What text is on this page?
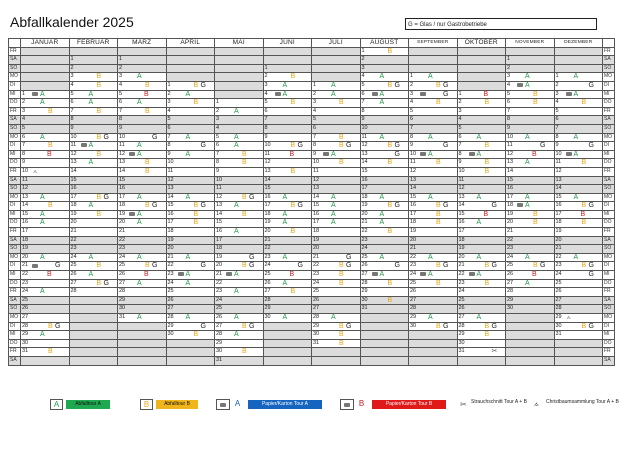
Abfallkalender 2025	G = Glas / nur Gastrobetriebe
	JANUAR	FEBRUAR	MÄRZ	APRIL	MAI	JUNI	JULI	AUGUST	SEPTEMBER	OKTOBER	NOVEMBER	DEZEMBER	
FR								1 B					FR
SA		1	1					2			1		SA
SO		2	2			1		3			2		SO
MO		3 B	3 A			2 B		4 A	1 A		3 A	1 A	MO
DI		4 B	4 B	1 B G		3 A	1 A	5 B G	2 B G		4 A	2 G	DI
MI	1 A	5 A	5 B	2 A		4 A	2 A	6 A	3 G	1 B	5 B	3 A	MI
DO	2 A	6 A	6 A	3 B	1	5 B	3 B	7 A	4 B	2 B	6 B	4 B	DO
FR	3 B	7 B	7 B	4	2 A	6	4	8	5	3	7	5	FR
SA	4	8	8	5	3	7	5	9	6	4	8	6	SA
SO	5	9	9	6	4	8	6	10	7	5	9	7	SO
MO	6 A	10 B G	10 G	7 A	5 A	9	7 B	11 A	8 A	6 A	10 A	8 A	MO
DI	7 B	11 A	11 A	8 G	6 A	10 B G	8 B G	12 B G	9 G	7 B	11 G	9 G	DI
MI	8 B	12 B	12 A	9 A	7 B	11 B	9 A	13 G	10 A	8 A	12 B	10 A	MI
DO	9	13 A	13 B	10	8 B	12	10 B	14 B	11 B	9 B	13 A	11 B	DO
FR	10 ⟑	14	14 B	11	9	13 B	11	15	12	10 B	14	12	FR
SA	11	15	15	12	10	14	12	16	13	11	15	13	SA
SO	12	16	16	13	11	15	13	17	14	12	16	14	SO
MO	13 A	17 B G	17 A	14 A	12 B G	16 A	14 A	18 A	15 A	13 A	17 A	15 A	MO
DI	14 B	18 A	18 B G	15 B G	13 A	17 B G	15 A	19 B G	16 B G	14 G	18 A	16 B G	DI
MI	15 A	19 B	19 A	16 B	14 B	18 A	16 A	20 A	17 B	15 B	19 B	17 B	MI
DO	16 A	20	20 A	17 B	15	19 A	17 A	21 A	18 B	16 A	20 B	18 B	DO
FR	17	21	21	18	16 A	20 B	18	22 B	19	17	21	19	FR
SA	18	22	22	19	17	21	19	23	20	18	22	20	SA
SO	19	23	23	20	18	22	20	24	21	19	23	21	SO
MO	20 A	24 A	24 A	21 A	19 G	23 A	21 G	25 A	22 A	20 A	24 A	22 A	MO
DI	21 G	25 B	25 B G	22 G	20 B G	24 G	22 B G	26 G	23 B G	21 B G	25 B G	23 B G	DI
MI	22 B	26 A	26 B	23 A	21 A	25 B	23 B	27 A	24 A	22 A	26 B	24 G	MI
DO	23	27 B G	27 A	24 A	22	26 A	24 B	28 B	25 B	23 B	27 A	25	DO
FR	24 A	28	28	25	23 A	27 B	25	29	26	24	28	26	FR
SA	25		29	26	24	28	26	30 B	27	25	29	27	SA
SO	26		30	27	25	29	27	31	28	26	30	28	SO
MO	27		31 A	28 A	26 A	30 A	28 A		29 A	27 A		29 ⟑	MO
DI	28 B G			29 G	27 B G		29 B G		30 B G	28 B G		30 B G	DI
MI	29 A			30 B	28 A		30 B			29 B		31	MI
DO	30				29		31 B			30			DO
FR	31 B				30 B					31 ✂			FR
SA					31								SA
A	Abfalltour A	B	Abfalltour B	A	Papier/Karton Tour A	B	Papier/Karton Tour B	✂ Strauchschnitt Tour A + B ⟑ Christbaumsammlung Tour A + B
